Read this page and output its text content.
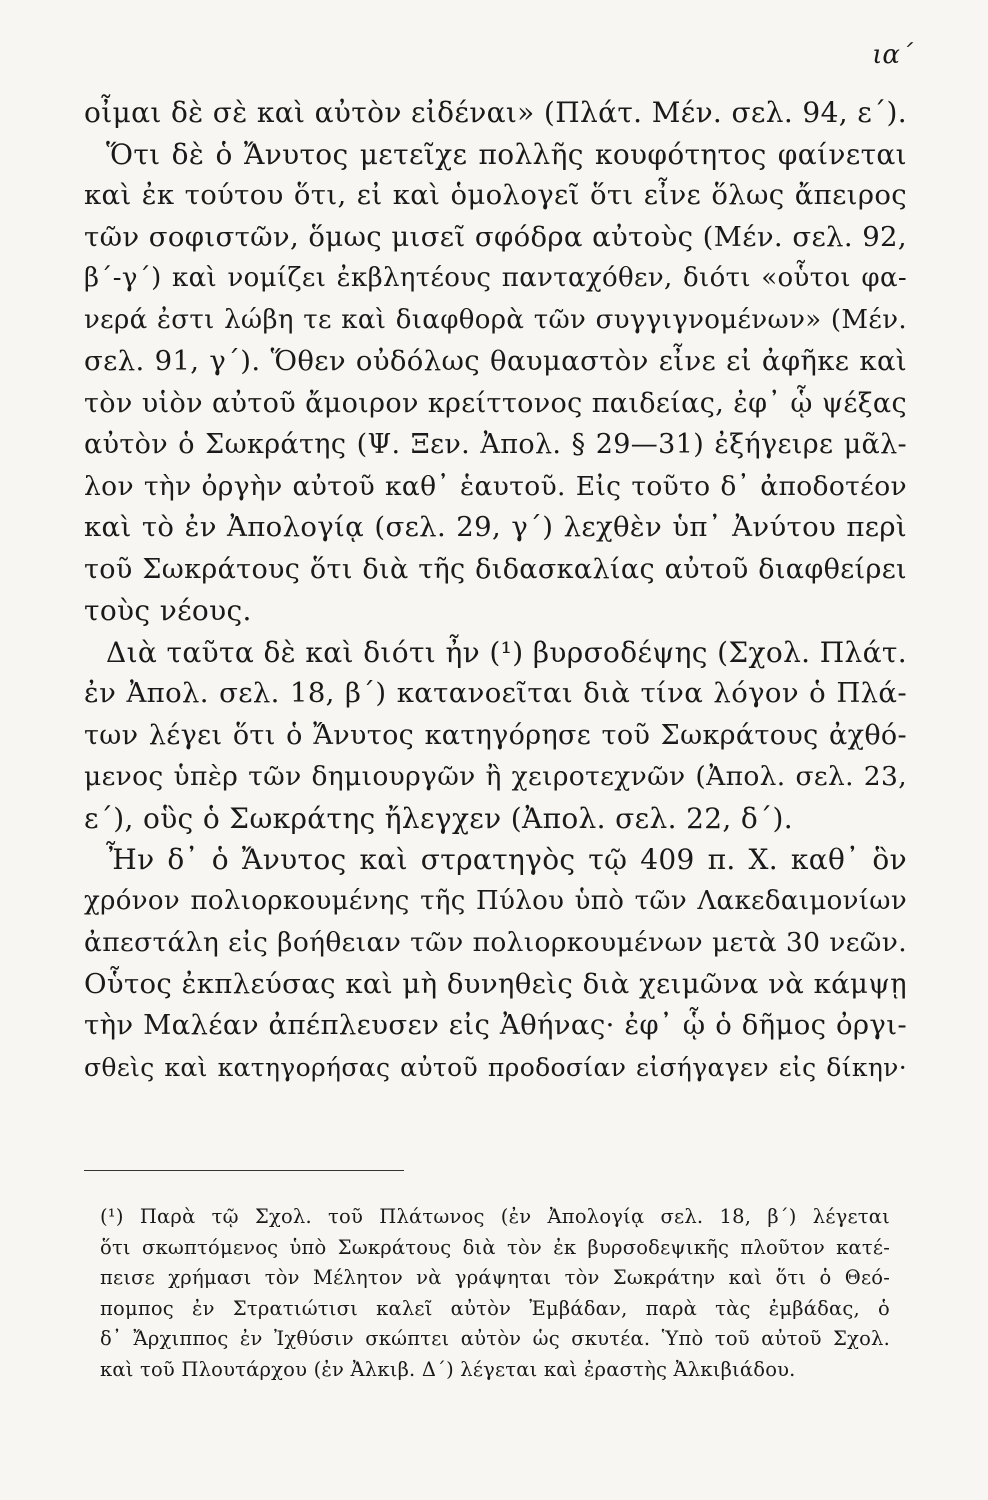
ια΄
οἶμαι δὲ σὲ καὶ αὐτὸν εἰδέναι» (Πλάτ. Μέν. σελ. 94, ε΄).
Ὅτι δὲ ὁ Ἄνυτος μετεῖχε πολλῆς κουφότητος φαίνεται
καὶ ἐκ τούτου ὅτι, εἰ καὶ ὁμολογεῖ ὅτι εἶνε ὅλως ἄπειρος
τῶν σοφιστῶν, ὅμως μισεῖ σφόδρα αὐτοὺς (Μέν. σελ. 92,
β΄-γ΄) καὶ νομίζει ἐκβλητέους πανταχόθεν, διότι «οὗτοι φα-
νερά ἐστι λώβη τε καὶ διαφθορὰ τῶν συγγιγνομένων» (Μέν.
σελ. 91, γ΄). Ὅθεν οὐδόλως θαυμαστὸν εἶνε εἰ ἀφῆκε καὶ
τὸν υἱὸν αὐτοῦ ἄμοιρον κρείττονος παιδείας, ἐφ᾽ ᾧ ψέξας
αὐτὸν ὁ Σωκράτης (Ψ. Ξεν. Ἀπολ. § 29—31) ἐξήγειρε μᾶλ-
λον τὴν ὀργὴν αὐτοῦ καθ᾽ ἑαυτοῦ. Εἰς τοῦτο δ᾽ ἀποδοτέον
καὶ τὸ ἐν Ἀπολογίᾳ (σελ. 29, γ΄) λεχθὲν ὑπ᾽ Ἀνύτου περὶ
τοῦ Σωκράτους ὅτι διὰ τῆς διδασκαλίας αὐτοῦ διαφθείρει
τοὺς νέους.
Διὰ ταῦτα δὲ καὶ διότι ἦν (¹) βυρσοδέψης (Σχολ. Πλάτ.
ἐν Ἀπολ. σελ. 18, β΄) κατανοεῖται διὰ τίνα λόγον ὁ Πλά-
των λέγει ὅτι ὁ Ἄνυτος κατηγόρησε τοῦ Σωκράτους ἀχθό-
μενος ὑπὲρ τῶν δημιουργῶν ἢ χειροτεχνῶν (Ἀπολ. σελ. 23,
ε΄), οὓς ὁ Σωκράτης ἤλεγχεν (Ἀπολ. σελ. 22, δ΄).
Ἦν δ᾽ ὁ Ἄνυτος καὶ στρατηγὸς τῷ 409 π. Χ. καθ᾽ ὃν
χρόνον πολιορκουμένης τῆς Πύλου ὑπὸ τῶν Λακεδαιμονίων
ἀπεστάλη εἰς βοήθειαν τῶν πολιορκουμένων μετὰ 30 νεῶν.
Οὗτος ἐκπλεύσας καὶ μὴ δυνηθεὶς διὰ χειμῶνα νὰ κάμψῃ
τὴν Μαλέαν ἀπέπλευσεν εἰς Ἀθήνας· ἐφ᾽ ᾧ ὁ δῆμος ὀργι-
σθεὶς καὶ κατηγορήσας αὐτοῦ προδοσίαν εἰσήγαγεν εἰς δίκην·
(¹) Παρὰ τῷ Σχολ. τοῦ Πλάτωνος (ἐν Ἀπολογίᾳ σελ. 18, β΄) λέγεται
ὅτι σκωπτόμενος ὑπὸ Σωκράτους διὰ τὸν ἐκ βυρσοδεψικῆς πλοῦτον κατέ-
πεισε χρήμασι τὸν Μέλητον νὰ γράψηται τὸν Σωκράτην καὶ ὅτι ὁ Θεό-
πομπος ἐν Στρατιώτισι καλεῖ αὐτὸν Ἐμβάδαν, παρὰ τὰς ἐμβάδας, ὁ
δ᾽ Ἄρχιππος ἐν Ἰχθύσιν σκώπτει αὐτὸν ὡς σκυτέα. Ὑπὸ τοῦ αὐτοῦ Σχολ.
καὶ τοῦ Πλουτάρχου (ἐν Ἀλκιβ. Δ΄) λέγεται καὶ ἐραστὴς Ἀλκιβιάδου.
